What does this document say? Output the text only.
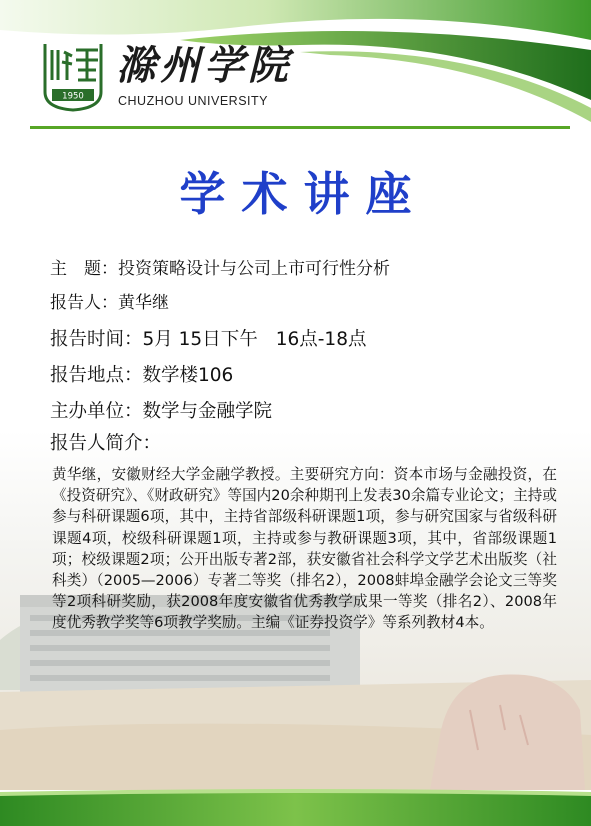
1950
滁州学院
CHUZHOU UNIVERSITY
学术讲座
主　题：投资策略设计与公司上市可行性分析
报告人：黄华继
报告时间：5月 15日下午 16点-18点
报告地点：数学楼106
主办单位：数学与金融学院
报告人简介：
黄华继，安徽财经大学金融学教授。主要研究方向：资本市场与金融投资，在《投资研究》、《财政研究》等国内20余种期刊上发表30余篇专业论文；主持或参与科研课题6项，其中，主持省部级科研课题1项，参与研究国家与省级科研课题4项，校级科研课题1项，主持或参与教研课题3项，其中，省部级课题1项；校级课题2项；公开出版专著2部，获安徽省社会科学文学艺术出版奖（社科类）（2005—2006）专著二等奖（排名2），2008蚌埠金融学会论文三等奖等2项科研奖励，获2008年度安徽省优秀教学成果一等奖（排名2）、2008年度优秀教学奖等6项教学奖励。主编《证券投资学》等系列教材4本。
